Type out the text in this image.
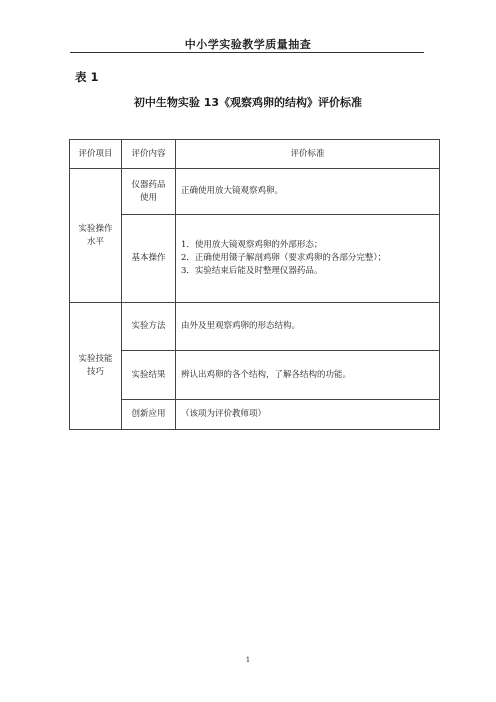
中小学实验教学质量抽查
表 1
初中生物实验 13《观察鸡卵的结构》评价标准
评价项目	评价内容	评价标准
实验操作水平	仪器药品使用	正确使用放大镜观察鸡卵。

	基本操作	1．使用放大镜观察鸡卵的外部形态；
2．正确使用镊子解剖鸡卵（要求鸡卵的各部分完整）；
3．实验结束后能及时整理仪器药品。

实验技能技巧	实验方法	由外及里观察鸡卵的形态结构。

	实验结果	辨认出鸡卵的各个结构，了解各结构的功能。

	创新应用	（该项为评价教师项）
1
